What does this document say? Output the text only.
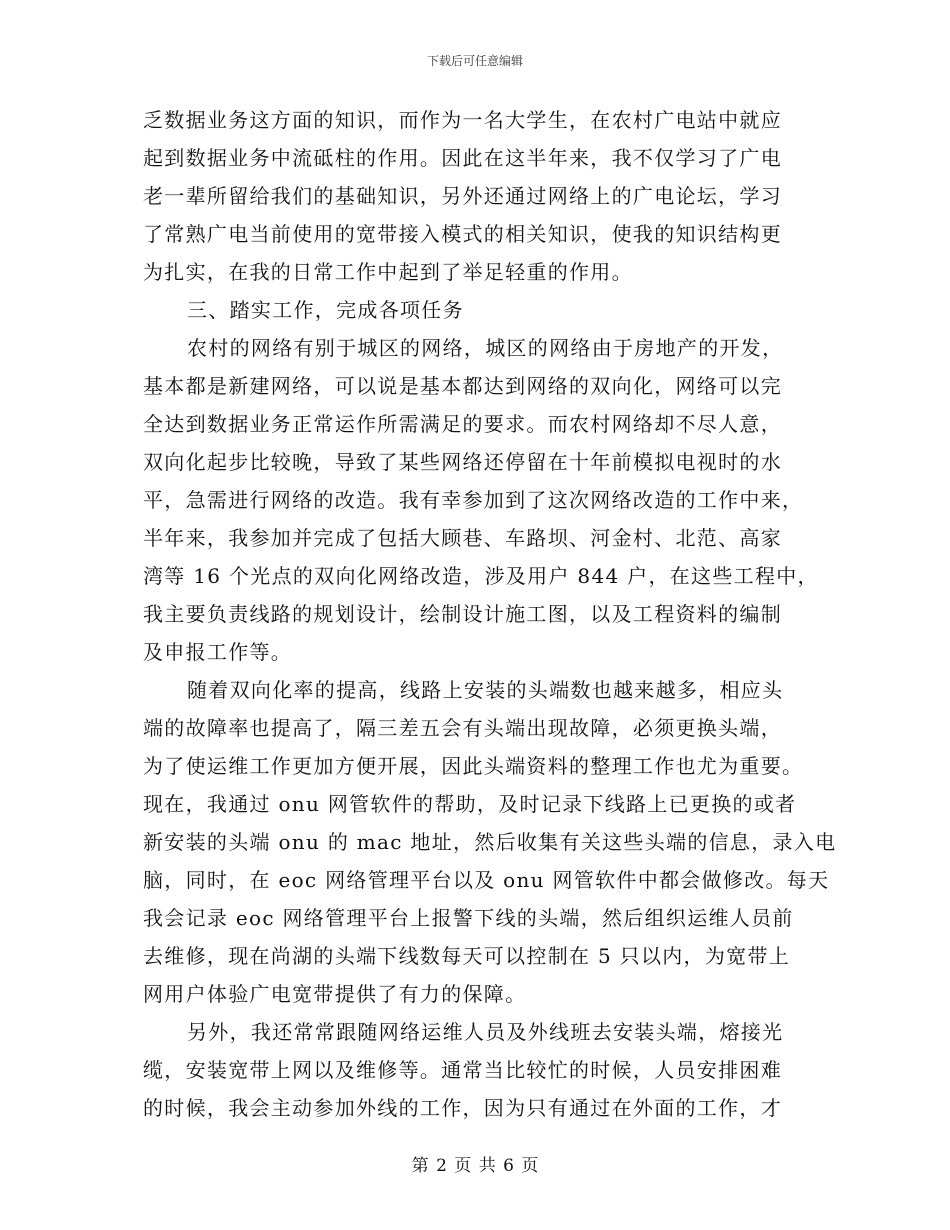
下载后可任意编辑
乏数据业务这方面的知识，而作为一名大学生，在农村广电站中就应
起到数据业务中流砥柱的作用。因此在这半年来，我不仅学习了广电
老一辈所留给我们的基础知识，另外还通过网络上的广电论坛，学习
了常熟广电当前使用的宽带接入模式的相关知识，使我的知识结构更
为扎实，在我的日常工作中起到了举足轻重的作用。
三、踏实工作，完成各项任务
农村的网络有别于城区的网络，城区的网络由于房地产的开发，
基本都是新建网络，可以说是基本都达到网络的双向化，网络可以完
全达到数据业务正常运作所需满足的要求。而农村网络却不尽人意，
双向化起步比较晚，导致了某些网络还停留在十年前模拟电视时的水
平，急需进行网络的改造。我有幸参加到了这次网络改造的工作中来，
半年来，我参加并完成了包括大顾巷、车路坝、河金村、北范、高家
湾等 16 个光点的双向化网络改造，涉及用户 844 户，在这些工程中，
我主要负责线路的规划设计，绘制设计施工图，以及工程资料的编制
及申报工作等。
随着双向化率的提高，线路上安装的头端数也越来越多，相应头
端的故障率也提高了，隔三差五会有头端出现故障，必须更换头端，
为了使运维工作更加方便开展，因此头端资料的整理工作也尤为重要。
现在，我通过 onu 网管软件的帮助，及时记录下线路上已更换的或者
新安装的头端 onu 的 mac 地址，然后收集有关这些头端的信息，录入电
脑，同时，在 eoc 网络管理平台以及 onu 网管软件中都会做修改。每天
我会记录 eoc 网络管理平台上报警下线的头端，然后组织运维人员前
去维修，现在尚湖的头端下线数每天可以控制在 5 只以内，为宽带上
网用户体验广电宽带提供了有力的保障。
另外，我还常常跟随网络运维人员及外线班去安装头端，熔接光
缆，安装宽带上网以及维修等。通常当比较忙的时候，人员安排困难
的时候，我会主动参加外线的工作，因为只有通过在外面的工作，才
第 2 页 共 6 页
